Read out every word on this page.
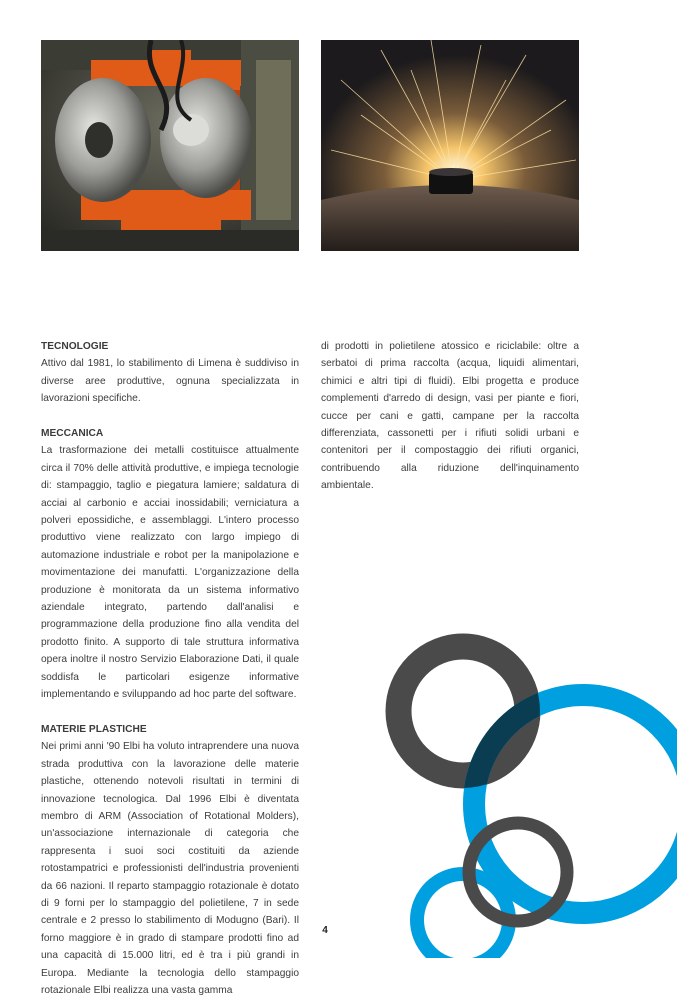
TECNOLOGIE

Attivo dal 1981, lo stabilimento di Limena è suddiviso in diverse aree produttive, ognuna specializzata in lavorazioni specifiche.

MECCANICA

La trasformazione dei metalli costituisce attualmente circa il 70% delle attività produttive, e impiega tecnologie di: stampaggio, taglio e piegatura lamiere; saldatura di acciai al carbonio e acciai inossidabili; verniciatura a polveri epossidiche, e assemblaggi. L'intero processo produttivo viene realizzato con largo impiego di automazione industriale e robot per la manipolazione e movimentazione dei manufatti. L'organizzazione della produzione è monitorata da un sistema informativo aziendale integrato, partendo dall'analisi e programmazione della produzione fino alla vendita del prodotto finito. A supporto di tale struttura informativa opera inoltre il nostro Servizio Elaborazione Dati, il quale soddisfa le particolari esigenze informative implementando e sviluppando ad hoc parte del software.

MATERIE PLASTICHE

Nei primi anni '90 Elbi ha voluto intraprendere una nuova strada produttiva con la lavorazione delle materie plastiche, ottenendo notevoli risultati in termini di innovazione tecnologica. Dal 1996 Elbi è diventata membro di ARM (Association of Rotational Molders), un'associazione internazionale di categoria che rappresenta i suoi soci costituiti da aziende rotostampatrici e professionisti dell'industria provenienti da 66 nazioni. Il reparto stampaggio rotazionale è dotato di 9 forni per lo stampaggio del polietilene, 7 in sede centrale e 2 presso lo stabilimento di Modugno (Bari). Il forno maggiore è in grado di stampare prodotti fino ad una capacità di 15.000 litri, ed è tra i più grandi in Europa. Mediante la tecnologia dello stampaggio rotazionale Elbi realizza una vasta gamma

di prodotti in polietilene atossico e riciclabile: oltre a serbatoi di prima raccolta (acqua, liquidi alimentari, chimici e altri tipi di fluidi). Elbi progetta e produce complementi d'arredo di design, vasi per piante e fiori, cucce per cani e gatti, campane per la raccolta differenziata, cassonetti per i rifiuti solidi urbani e contenitori per il compostaggio dei rifiuti organici, contribuendo alla riduzione dell'inquinamento ambientale.

4
